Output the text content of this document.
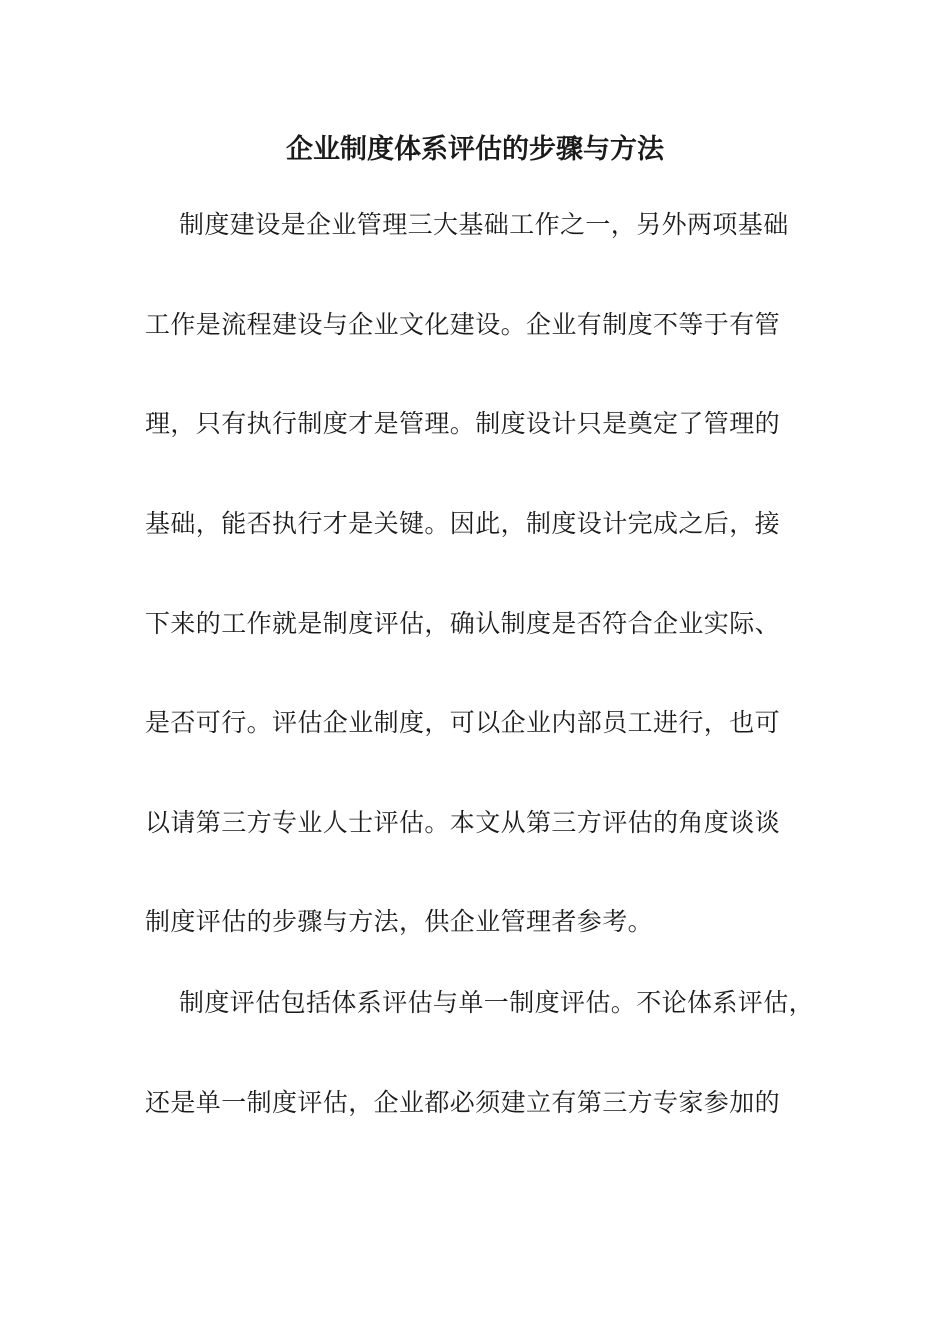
企业制度体系评估的步骤与方法
制度建设是企业管理三大基础工作之一，另外两项基础
工作是流程建设与企业文化建设。企业有制度不等于有管
理，只有执行制度才是管理。制度设计只是奠定了管理的
基础，能否执行才是关键。因此，制度设计完成之后，接
下来的工作就是制度评估，确认制度是否符合企业实际、
是否可行。评估企业制度，可以企业内部员工进行，也可
以请第三方专业人士评估。本文从第三方评估的角度谈谈
制度评估的步骤与方法，供企业管理者参考。
制度评估包括体系评估与单一制度评估。不论体系评估，
还是单一制度评估，企业都必须建立有第三方专家参加的
